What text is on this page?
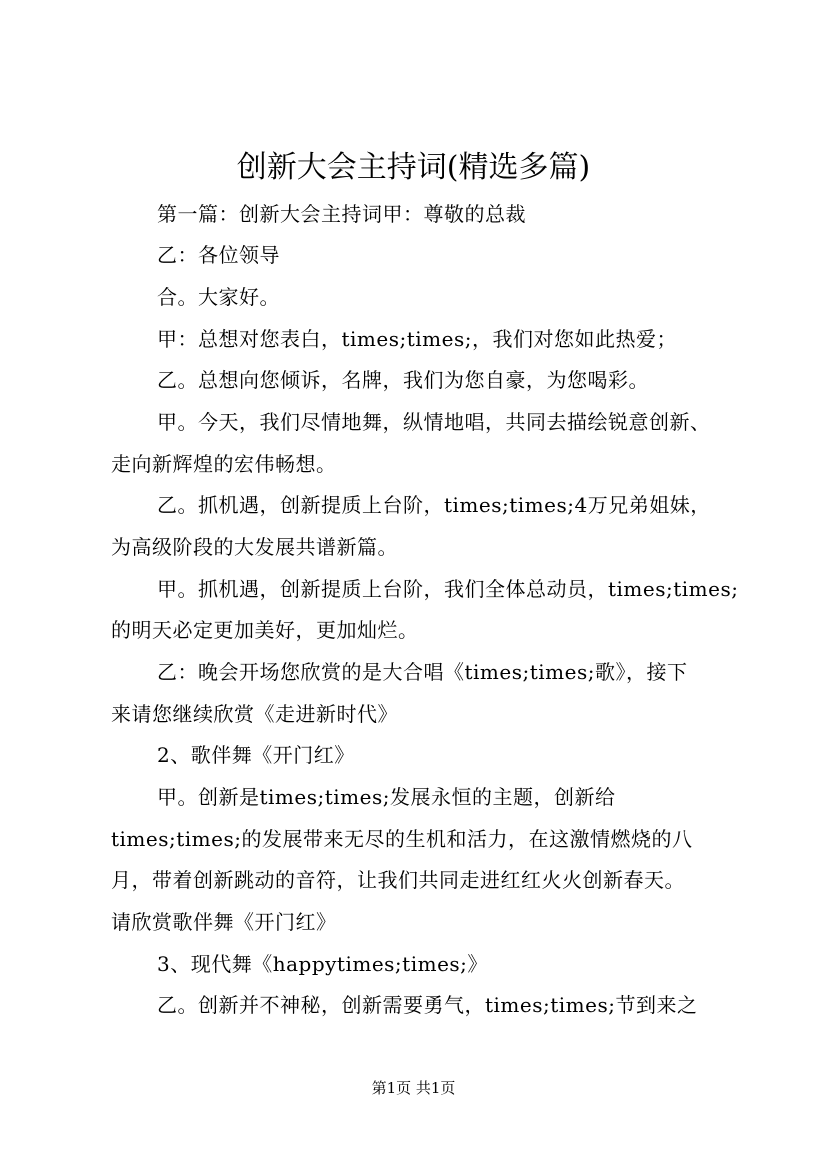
创新大会主持词(精选多篇)
第一篇：创新大会主持词甲：尊敬的总裁
乙：各位领导
合。大家好。
甲：总想对您表白，times;times;，我们对您如此热爱；
乙。总想向您倾诉，名牌，我们为您自豪，为您喝彩。
甲。今天，我们尽情地舞，纵情地唱，共同去描绘锐意创新、
走向新辉煌的宏伟畅想。
乙。抓机遇，创新提质上台阶，times;times;4万兄弟姐妹，
为高级阶段的大发展共谱新篇。
甲。抓机遇，创新提质上台阶，我们全体总动员，times;times;
的明天必定更加美好，更加灿烂。
乙：晚会开场您欣赏的是大合唱《times;times;歌》，接下
来请您继续欣赏《走进新时代》
2、歌伴舞《开门红》
甲。创新是times;times;发展永恒的主题，创新给
times;times;的发展带来无尽的生机和活力，在这激情燃烧的八
月，带着创新跳动的音符，让我们共同走进红红火火创新春天。
请欣赏歌伴舞《开门红》
3、现代舞《happytimes;times;》
乙。创新并不神秘，创新需要勇气，times;times;节到来之
第1页 共1页
